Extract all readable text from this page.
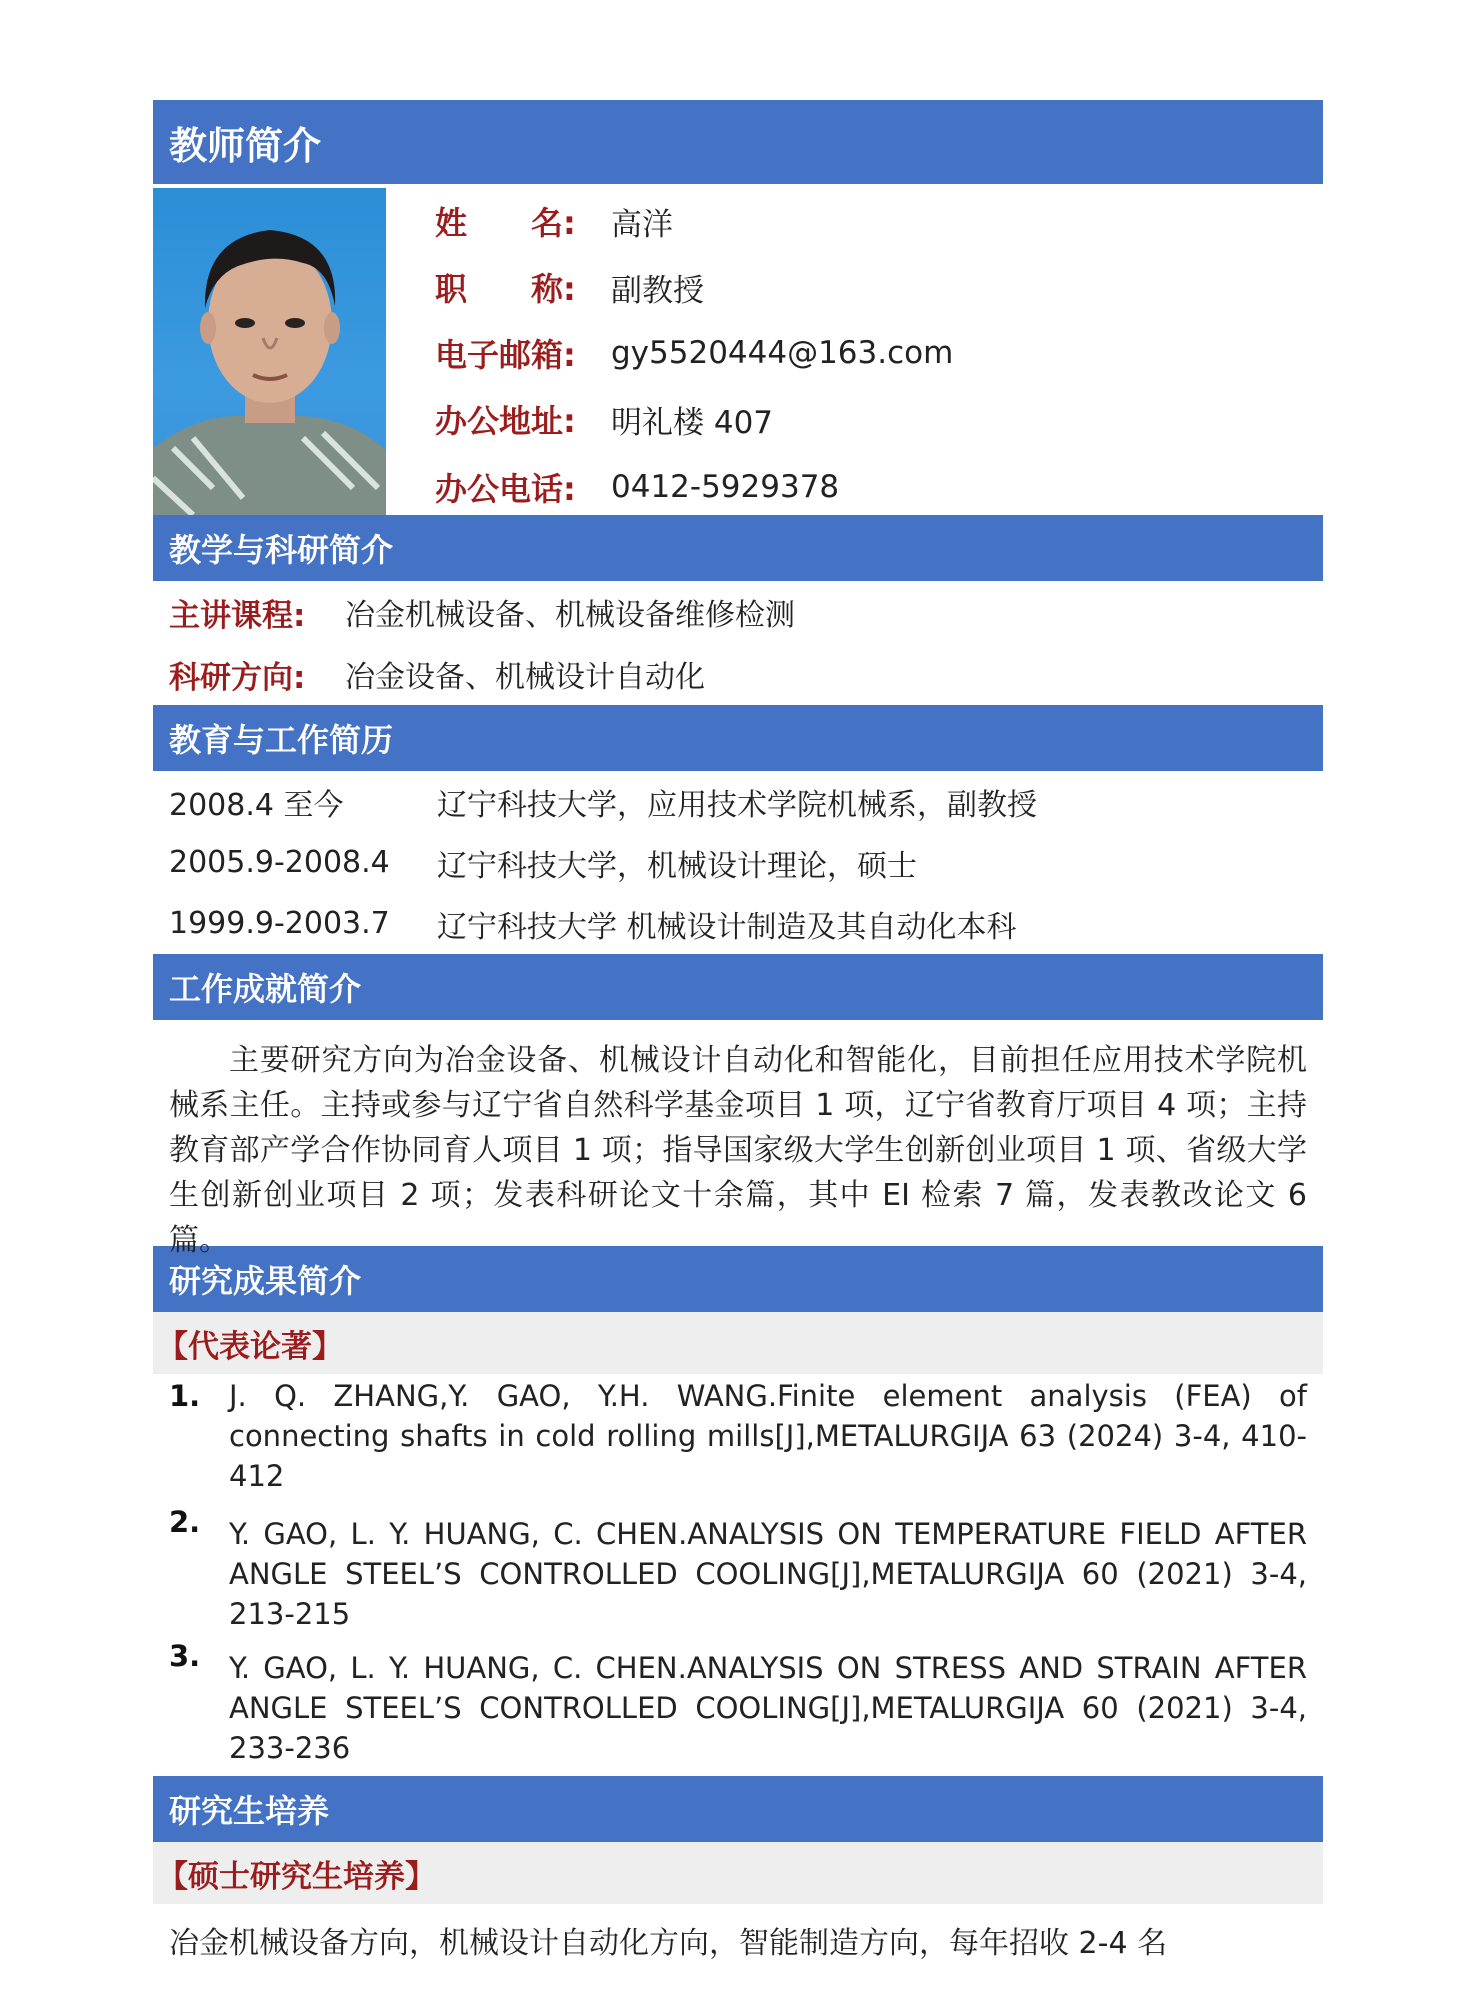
教师简介
姓　　名:	高洋
职　　称:	副教授
电子邮箱:	gy5520444@163.com
办公地址:	明礼楼 407
办公电话:	0412-5929378
教学与科研简介
主讲课程:	冶金机械设备、机械设备维修检测
科研方向:	冶金设备、机械设计自动化
教育与工作简历
2008.4 至今	辽宁科技大学，应用技术学院机械系，副教授
2005.9-2008.4	辽宁科技大学，机械设计理论，硕士
1999.9-2003.7	辽宁科技大学 机械设计制造及其自动化本科
工作成就简介
主要研究方向为冶金设备、机械设计自动化和智能化，目前担任应用技术学院机械系主任。主持或参与辽宁省自然科学基金项目 1 项，辽宁省教育厅项目 4 项；主持教育部产学合作协同育人项目 1 项；指导国家级大学生创新创业项目 1 项、省级大学生创新创业项目 2 项；发表科研论文十余篇，其中 EI 检索 7 篇，发表教改论文 6 篇。
研究成果简介
【代表论著】
1. J. Q. ZHANG,Y. GAO, Y.H. WANG.Finite element analysis (FEA) of connecting shafts in cold rolling mills[J],METALURGIJA 63 (2024) 3-4, 410-412
2. Y. GAO, L. Y. HUANG, C. CHEN.ANALYSIS ON TEMPERATURE FIELD AFTER ANGLE STEEL’S CONTROLLED COOLING[J],METALURGIJA 60 (2021) 3-4, 213-215
3. Y. GAO, L. Y. HUANG, C. CHEN.ANALYSIS ON STRESS AND STRAIN AFTER ANGLE STEEL’S CONTROLLED COOLING[J],METALURGIJA 60 (2021) 3-4, 233-236
研究生培养
【硕士研究生培养】
冶金机械设备方向，机械设计自动化方向，智能制造方向，每年招收 2-4 名
